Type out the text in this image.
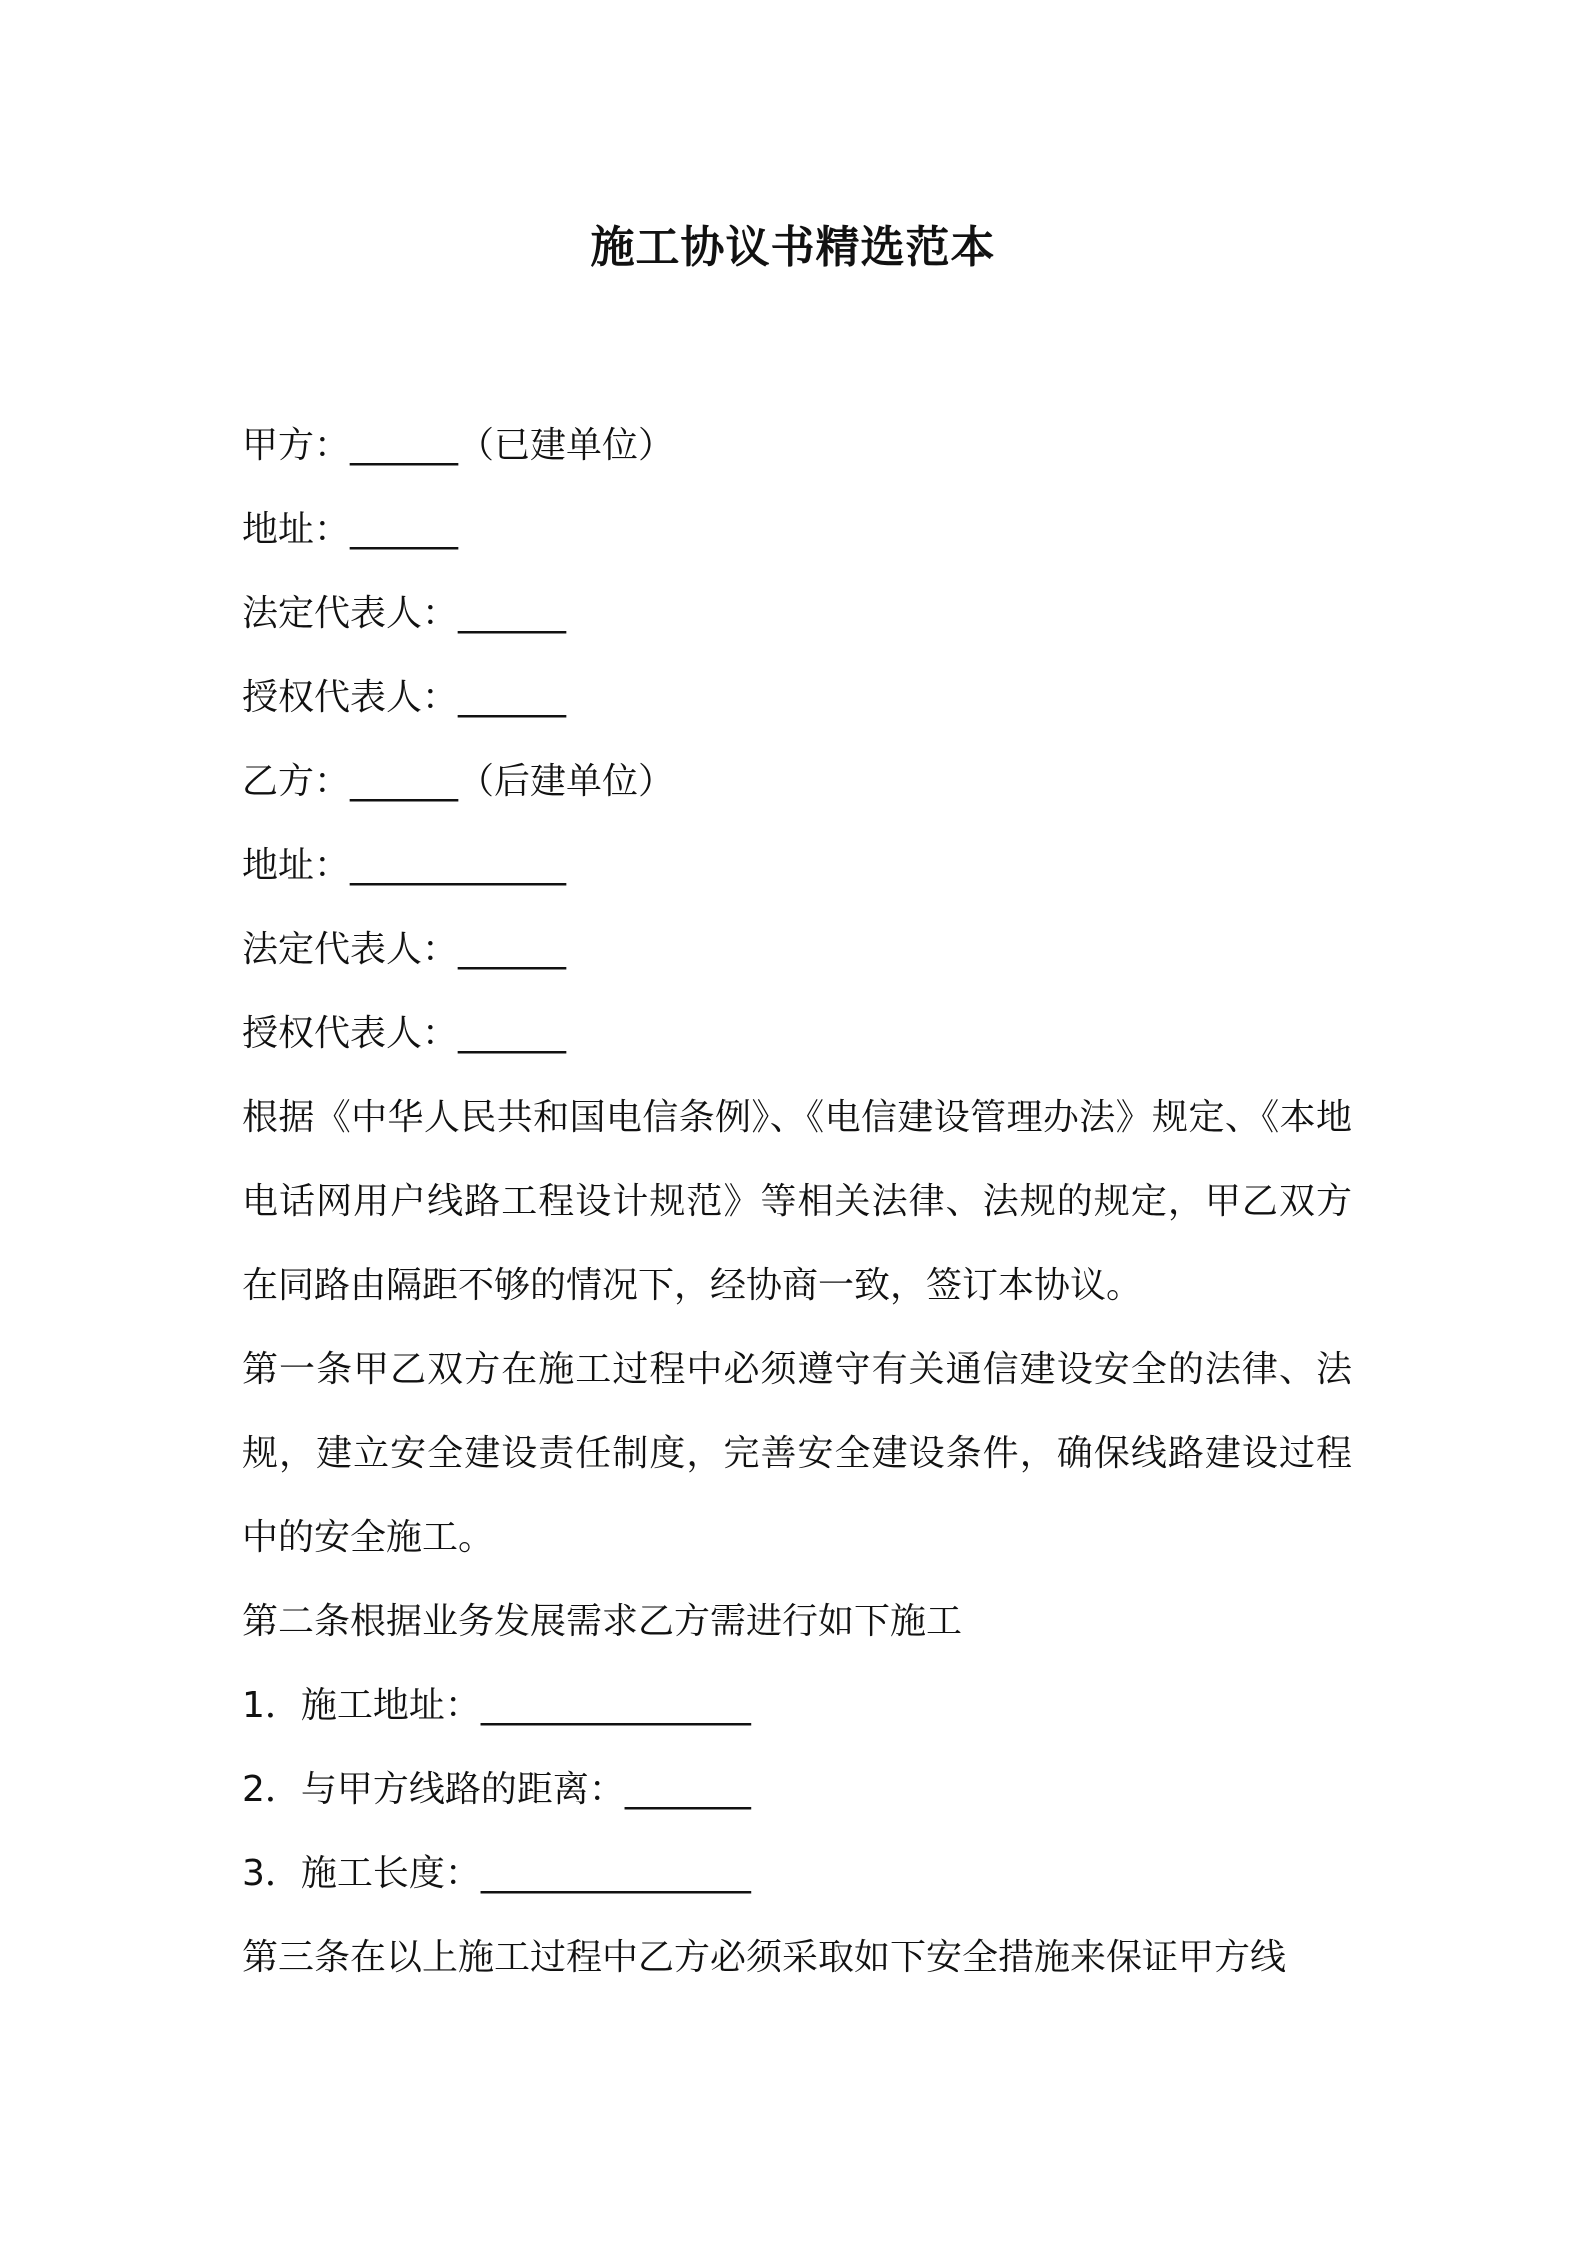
施工协议书精选范本
甲方：______（已建单位）
地址：______
法定代表人：______
授权代表人：______
乙方：______（后建单位）
地址：____________
法定代表人：______
授权代表人：______
根据《中华人民共和国电信条例》、《电信建设管理办法》规定、《本地电话网用户线路工程设计规范》等相关法律、法规的规定，甲乙双方在同路由隔距不够的情况下，经协商一致，签订本协议。
第一条甲乙双方在施工过程中必须遵守有关通信建设安全的法律、法规，建立安全建设责任制度，完善安全建设条件，确保线路建设过程中的安全施工。
第二条根据业务发展需求乙方需进行如下施工
1．施工地址：_______________
2．与甲方线路的距离：_______
3．施工长度：_______________
第三条在以上施工过程中乙方必须采取如下安全措施来保证甲方线
